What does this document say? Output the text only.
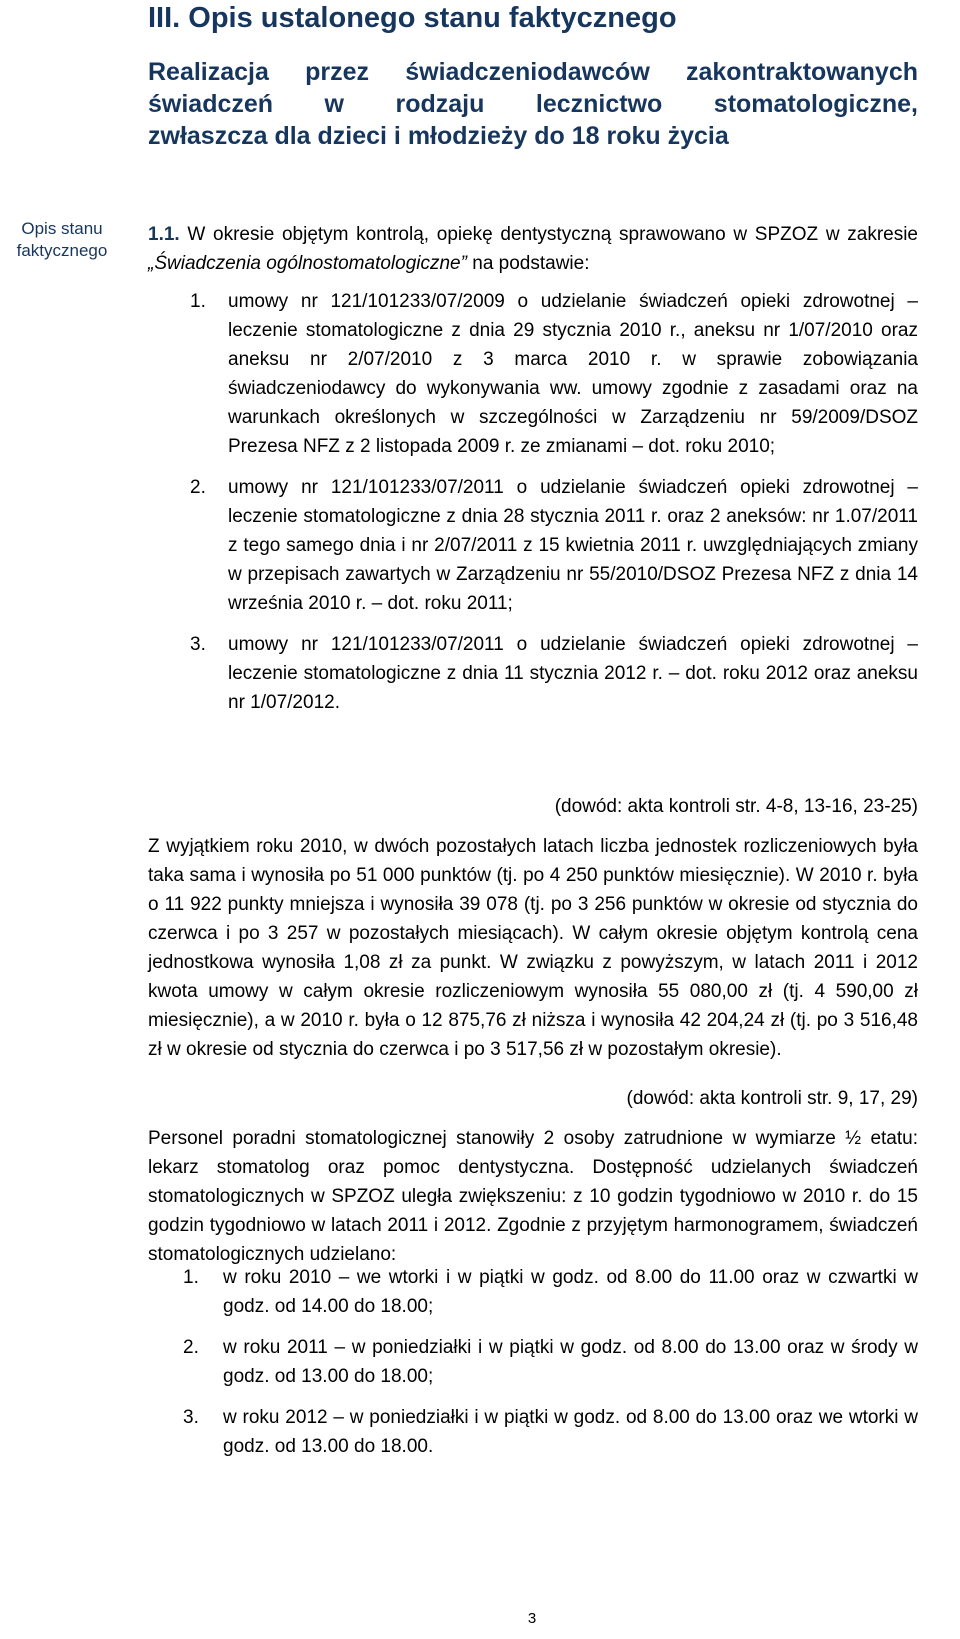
III. Opis ustalonego stanu faktycznego
Realizacja przez świadczeniodawców zakontraktowanych
świadczeń w rodzaju lecznictwo stomatologiczne,
zwłaszcza dla dzieci i młodzieży do 18 roku życia
Opis stanu faktycznego

1.1. W okresie objętym kontrolą, opiekę dentystyczną sprawowano w SPZOZ w zakresie „Świadczenia ogólnostomatologiczne” na podstawie:

1. umowy nr 121/101233/07/2009 o udzielanie świadczeń opieki zdrowotnej – leczenie stomatologiczne z dnia 29 stycznia 2010 r., aneksu nr 1/07/2010 oraz aneksu nr 2/07/2010 z 3 marca 2010 r. w sprawie zobowiązania świadczeniodawcy do wykonywania ww. umowy zgodnie z zasadami oraz na warunkach określonych w szczególności w Zarządzeniu nr 59/2009/DSOZ Prezesa NFZ z 2 listopada 2009 r. ze zmianami – dot. roku 2010;
2. umowy nr 121/101233/07/2011 o udzielanie świadczeń opieki zdrowotnej – leczenie stomatologiczne z dnia 28 stycznia 2011 r. oraz 2 aneksów: nr 1.07/2011 z tego samego dnia i nr 2/07/2011 z 15 kwietnia 2011 r. uwzględniających zmiany w przepisach zawartych w Zarządzeniu nr 55/2010/DSOZ Prezesa NFZ z dnia 14 września 2010 r. – dot. roku 2011;
3. umowy nr 121/101233/07/2011 o udzielanie świadczeń opieki zdrowotnej – leczenie stomatologiczne z dnia 11 stycznia 2012 r. – dot. roku 2012 oraz aneksu nr 1/07/2012.
(dowód: akta kontroli str. 4-8, 13-16, 23-25)

Z wyjątkiem roku 2010, w dwóch pozostałych latach liczba jednostek rozliczeniowych była taka sama i wynosiła po 51 000 punktów (tj. po 4 250 punktów miesięcznie). W 2010 r. była o 11 922 punkty mniejsza i wynosiła 39 078 (tj. po 3 256 punktów w okresie od stycznia do czerwca i po 3 257 w pozostałych miesiącach). W całym okresie objętym kontrolą cena jednostkowa wynosiła 1,08 zł za punkt. W związku z powyższym, w latach 2011 i 2012 kwota umowy w całym okresie rozliczeniowym wynosiła 55 080,00 zł (tj. 4 590,00 zł miesięcznie), a w 2010 r. była o 12 875,76 zł niższa i wynosiła 42 204,24 zł (tj. po 3 516,48 zł w okresie od stycznia do czerwca i po 3 517,56 zł w pozostałym okresie).

(dowód: akta kontroli str. 9, 17, 29)

Personel poradni stomatologicznej stanowiły 2 osoby zatrudnione w wymiarze ½ etatu: lekarz stomatolog oraz pomoc dentystyczna. Dostępność udzielanych świadczeń stomatologicznych w SPZOZ uległa zwiększeniu: z 10 godzin tygodniowo w 2010 r. do 15 godzin tygodniowo w latach 2011 i 2012. Zgodnie z przyjętym harmonogramem, świadczeń stomatologicznych udzielano:

1. w roku 2010 – we wtorki i w piątki w godz. od 8.00 do 11.00 oraz w czwartki w godz. od 14.00 do 18.00;
2. w roku 2011 – w poniedziałki i w piątki w godz. od 8.00 do 13.00 oraz w środy w godz. od 13.00 do 18.00;
3. w roku 2012 – w poniedziałki i w piątki w godz. od 8.00 do 13.00 oraz we wtorki w godz. od 13.00 do 18.00.
3
